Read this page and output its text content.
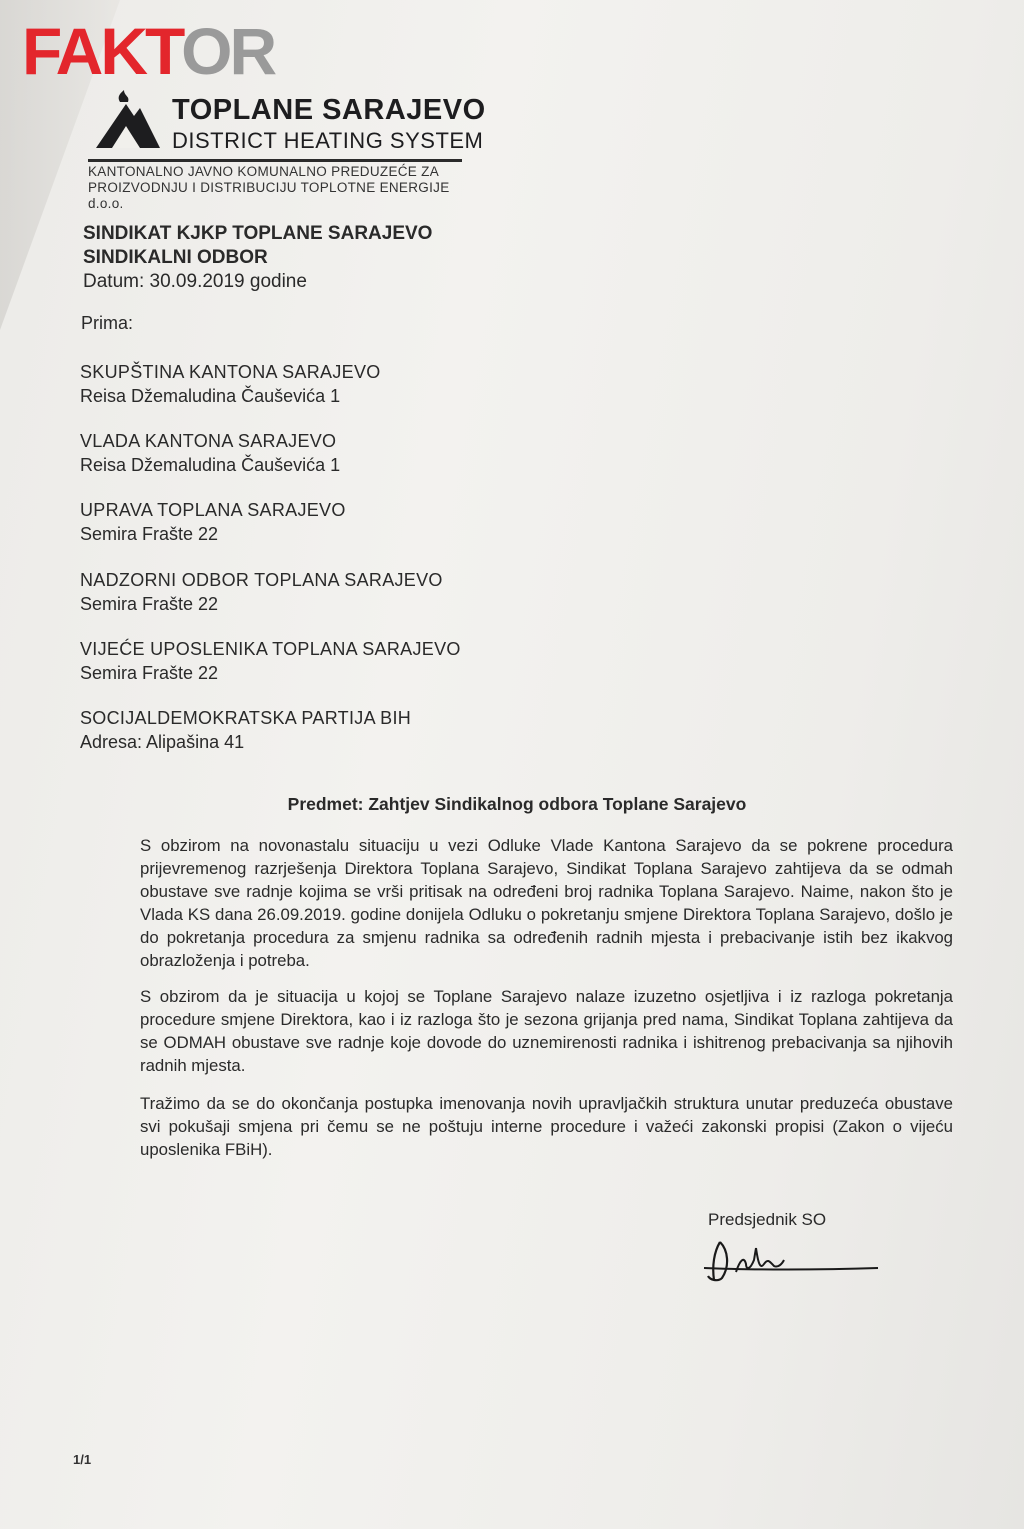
FAKTOR
TOPLANE SARAJEVO
DISTRICT HEATING SYSTEM
KANTONALNO JAVNO KOMUNALNO PREDUZEĆE ZA
PROIZVODNJU I DISTRIBUCIJU TOPLOTNE ENERGIJE d.o.o.
SINDIKAT KJKP TOPLANE SARAJEVO
SINDIKALNI ODBOR
Datum: 30.09.2019 godine
Prima:
SKUPŠTINA KANTONA SARAJEVO
Reisa Džemaludina Čauševića 1
VLADA KANTONA SARAJEVO
Reisa Džemaludina Čauševića 1
UPRAVA TOPLANA SARAJEVO
Semira Frašte 22
NADZORNI ODBOR TOPLANA SARAJEVO
Semira Frašte 22
VIJEĆE UPOSLENIKA TOPLANA SARAJEVO
Semira Frašte 22
SOCIJALDEMOKRATSKA PARTIJA BIH
Adresa: Alipašina 41
Predmet: Zahtjev Sindikalnog odbora Toplane Sarajevo
S obzirom na novonastalu situaciju u vezi Odluke Vlade Kantona Sarajevo da se pokrene procedura prijevremenog razrješenja Direktora Toplana Sarajevo, Sindikat Toplana Sarajevo zahtijeva da se odmah obustave sve radnje kojima se vrši pritisak na određeni broj radnika Toplana Sarajevo. Naime, nakon što je Vlada KS dana 26.09.2019. godine donijela Odluku o pokretanju smjene Direktora Toplana Sarajevo, došlo je do pokretanja procedura za smjenu radnika sa određenih radnih mjesta i prebacivanje istih bez ikakvog obrazloženja i potreba.
S obzirom da je situacija u kojoj se Toplane Sarajevo nalaze izuzetno osjetljiva i iz razloga pokretanja procedure smjene Direktora, kao i iz razloga što je sezona grijanja pred nama, Sindikat Toplana zahtijeva da se ODMAH obustave sve radnje koje dovode do uznemirenosti radnika i ishitrenog prebacivanja sa njihovih radnih mjesta.
Tražimo da se do okončanja postupka imenovanja novih upravljačkih struktura unutar preduzeća obustave svi pokušaji smjena pri čemu se ne poštuju interne procedure i važeći zakonski propisi (Zakon o vijeću uposlenika FBiH).
Predsjednik SO
1/1
